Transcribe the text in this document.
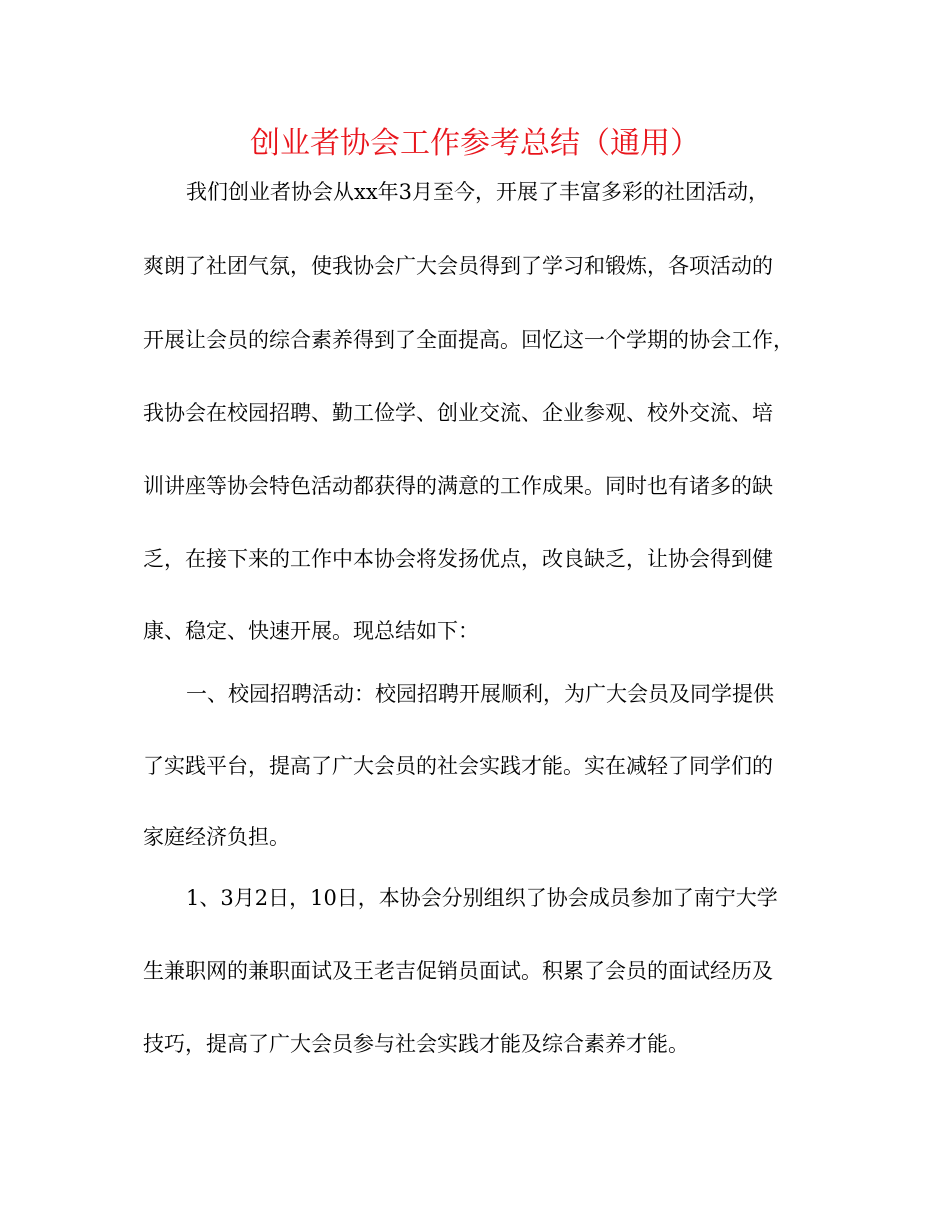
创业者协会工作参考总结（通用）
我们创业者协会从xx年3月至今，开展了丰富多彩的社团活动，
爽朗了社团气氛，使我协会广大会员得到了学习和锻炼，各项活动的
开展让会员的综合素养得到了全面提高。回忆这一个学期的协会工作，
我协会在校园招聘、勤工俭学、创业交流、企业参观、校外交流、培
训讲座等协会特色活动都获得的满意的工作成果。同时也有诸多的缺
乏，在接下来的工作中本协会将发扬优点，改良缺乏，让协会得到健
康、稳定、快速开展。现总结如下：
一、校园招聘活动：校园招聘开展顺利，为广大会员及同学提供
了实践平台，提高了广大会员的社会实践才能。实在减轻了同学们的
家庭经济负担。
1、3月2日，10日，本协会分别组织了协会成员参加了南宁大学
生兼职网的兼职面试及王老吉促销员面试。积累了会员的面试经历及
技巧，提高了广大会员参与社会实践才能及综合素养才能。
